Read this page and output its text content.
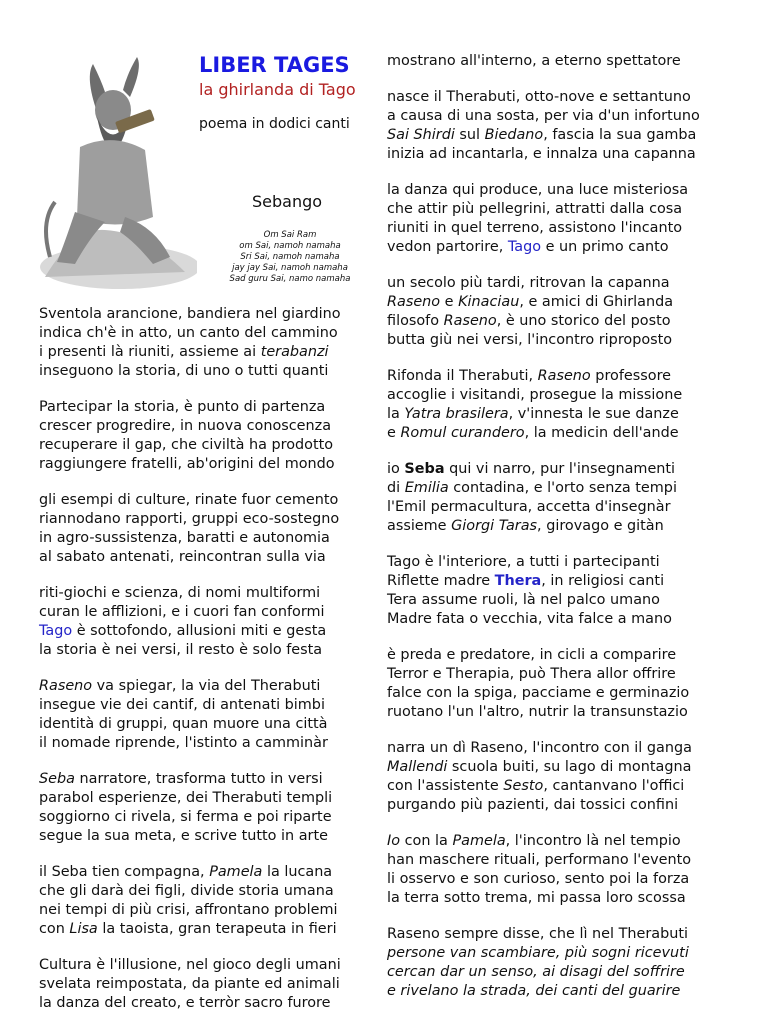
LIBER TAGES
la ghirlanda di Tago
poema in dodici canti
Sebango
Om Sai Ram
om Sai, namoh namaha
Sri Sai, namoh namaha
jay jay Sai, namoh namaha
Sad guru Sai, namo namaha
Sventola arancione, bandiera nel giardino
indica ch'è in atto, un canto del cammino
i presenti là riuniti, assieme ai terabanzi
inseguono la storia, di uno o tutti quanti
Partecipar la storia, è punto di partenza
crescer progredire, in nuova conoscenza
recuperare il gap, che civiltà ha prodotto
raggiungere fratelli, ab'origini del mondo
gli esempi di culture, rinate fuor cemento
riannodano rapporti, gruppi eco-sostegno
in agro-sussistenza, baratti e autonomia
al sabato antenati, reincontran sulla via
riti-giochi e scienza, di nomi multiformi
curan le afflizioni, e i cuori fan conformi
Tago è sottofondo, allusioni miti e gesta
la storia è nei versi, il resto è solo festa
Raseno va spiegar, la via del Therabuti
insegue vie dei cantif, di antenati bimbi
identità di gruppi, quan muore una città
il nomade riprende, l'istinto a camminàr
Seba narratore, trasforma tutto in versi
parabol esperienze, dei Therabuti templi
soggiorno ci rivela, si ferma e poi riparte
segue la sua meta, e scrive tutto in arte
il Seba tien compagna, Pamela la lucana
che gli darà dei figli, divide storia umana
nei tempi di più crisi, affrontano problemi
con Lisa la taoista, gran terapeuta in fieri
Cultura è l'illusione, nel gioco degli umani
svelata reimpostata, da piante ed animali
la danza del creato, e terròr sacro furore
mostrano all'interno, a eterno spettatore
nasce il Therabuti, otto-nove e settantuno
a causa di una sosta, per via d'un infortuno
Sai Shirdi sul Biedano, fascia la sua gamba
inizia ad incantarla, e innalza una capanna
la danza qui produce, una luce misteriosa
che attir più pellegrini, attratti dalla cosa
riuniti in quel terreno, assistono l'incanto
vedon partorire, Tago e un primo canto
un secolo più tardi, ritrovan la capanna
Raseno e Kinaciau, e amici di Ghirlanda
filosofo Raseno, è uno storico del posto
butta giù nei versi, l'incontro riproposto
Rifonda il Therabuti, Raseno professore
accoglie i visitandi, prosegue la missione
la Yatra brasilera, v'innesta le sue danze
e Romul curandero, la medicin dell'ande
io Seba qui vi narro, pur l'insegnamenti
di Emilia contadina, e l'orto senza tempi
l'Emil permacultura, accetta d'insegnàr
assieme Giorgi Taras, girovago e gitàn
Tago è l'interiore, a tutti i partecipanti
Riflette madre Thera, in religiosi canti
Tera assume ruoli, là nel palco umano
Madre fata o vecchia, vita falce a mano
è preda e predatore, in cicli a comparire
Terror e Therapia, può Thera allor offrire
falce con la spiga, pacciame e germinazio
ruotano l'un l'altro, nutrir la transunstazio
narra un dì Raseno, l'incontro con il ganga
Mallendi scuola buiti, su lago di montagna
con l'assistente Sesto, cantanvano l'offici
purgando più pazienti, dai tossici confini
Io con la Pamela, l'incontro là nel tempio
han maschere rituali, performano l'evento
li osservo e son curioso, sento poi la forza
la terra sotto trema, mi passa loro scossa
Raseno sempre disse, che lì nel Therabuti
persone van scambiare, più sogni ricevuti
cercan dar un senso, ai disagi del soffrire
e rivelano la strada, dei canti del guarire
